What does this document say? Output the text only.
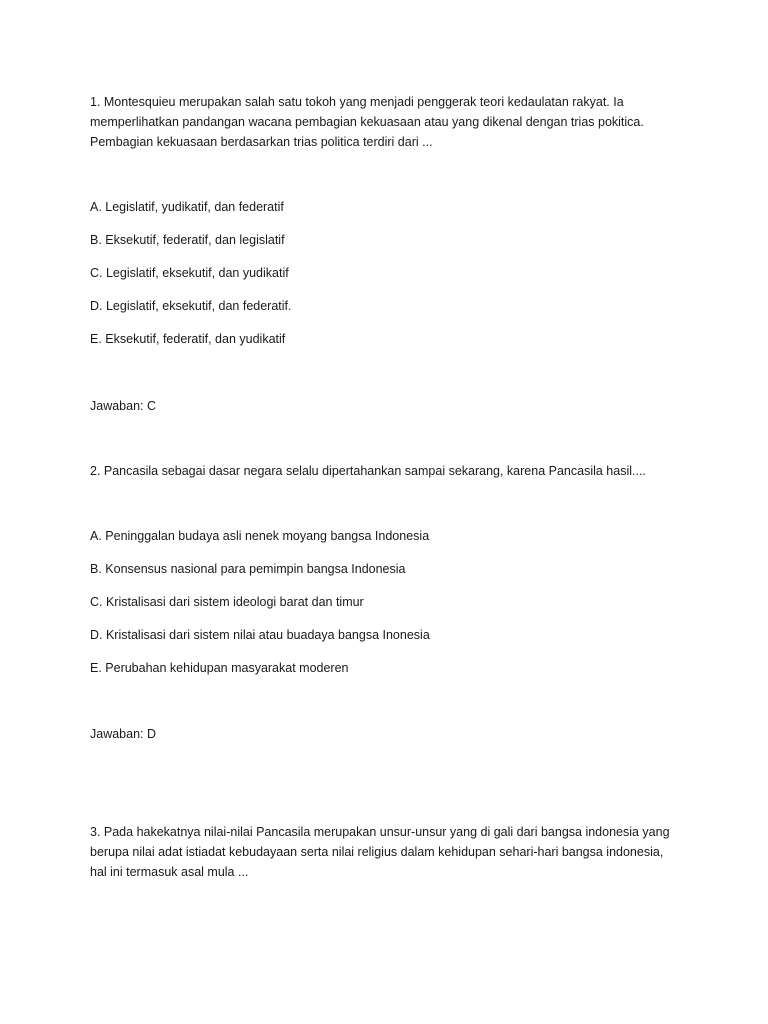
1. Montesquieu merupakan salah satu tokoh yang menjadi penggerak teori kedaulatan rakyat. Ia
memperlihatkan pandangan wacana pembagian kekuasaan atau yang dikenal dengan trias pokitica.
Pembagian kekuasaan berdasarkan trias politica terdiri dari ...
A. Legislatif, yudikatif, dan federatif
B. Eksekutif, federatif, dan legislatif
C. Legislatif, eksekutif, dan yudikatif
D. Legislatif, eksekutif, dan federatif.
E. Eksekutif, federatif, dan yudikatif
Jawaban: C
2. Pancasila sebagai dasar negara selalu dipertahankan sampai sekarang, karena Pancasila hasil....
A. Peninggalan budaya asli nenek moyang bangsa Indonesia
B. Konsensus nasional para pemimpin bangsa Indonesia
C. Kristalisasi dari sistem ideologi barat dan timur
D. Kristalisasi dari sistem nilai atau buadaya bangsa Inonesia
E. Perubahan kehidupan masyarakat moderen
Jawaban: D
3. Pada hakekatnya nilai-nilai Pancasila merupakan unsur-unsur yang di gali dari bangsa indonesia yang
berupa nilai adat istiadat kebudayaan serta nilai religius dalam kehidupan sehari-hari bangsa indonesia,
hal ini termasuk asal mula ...
